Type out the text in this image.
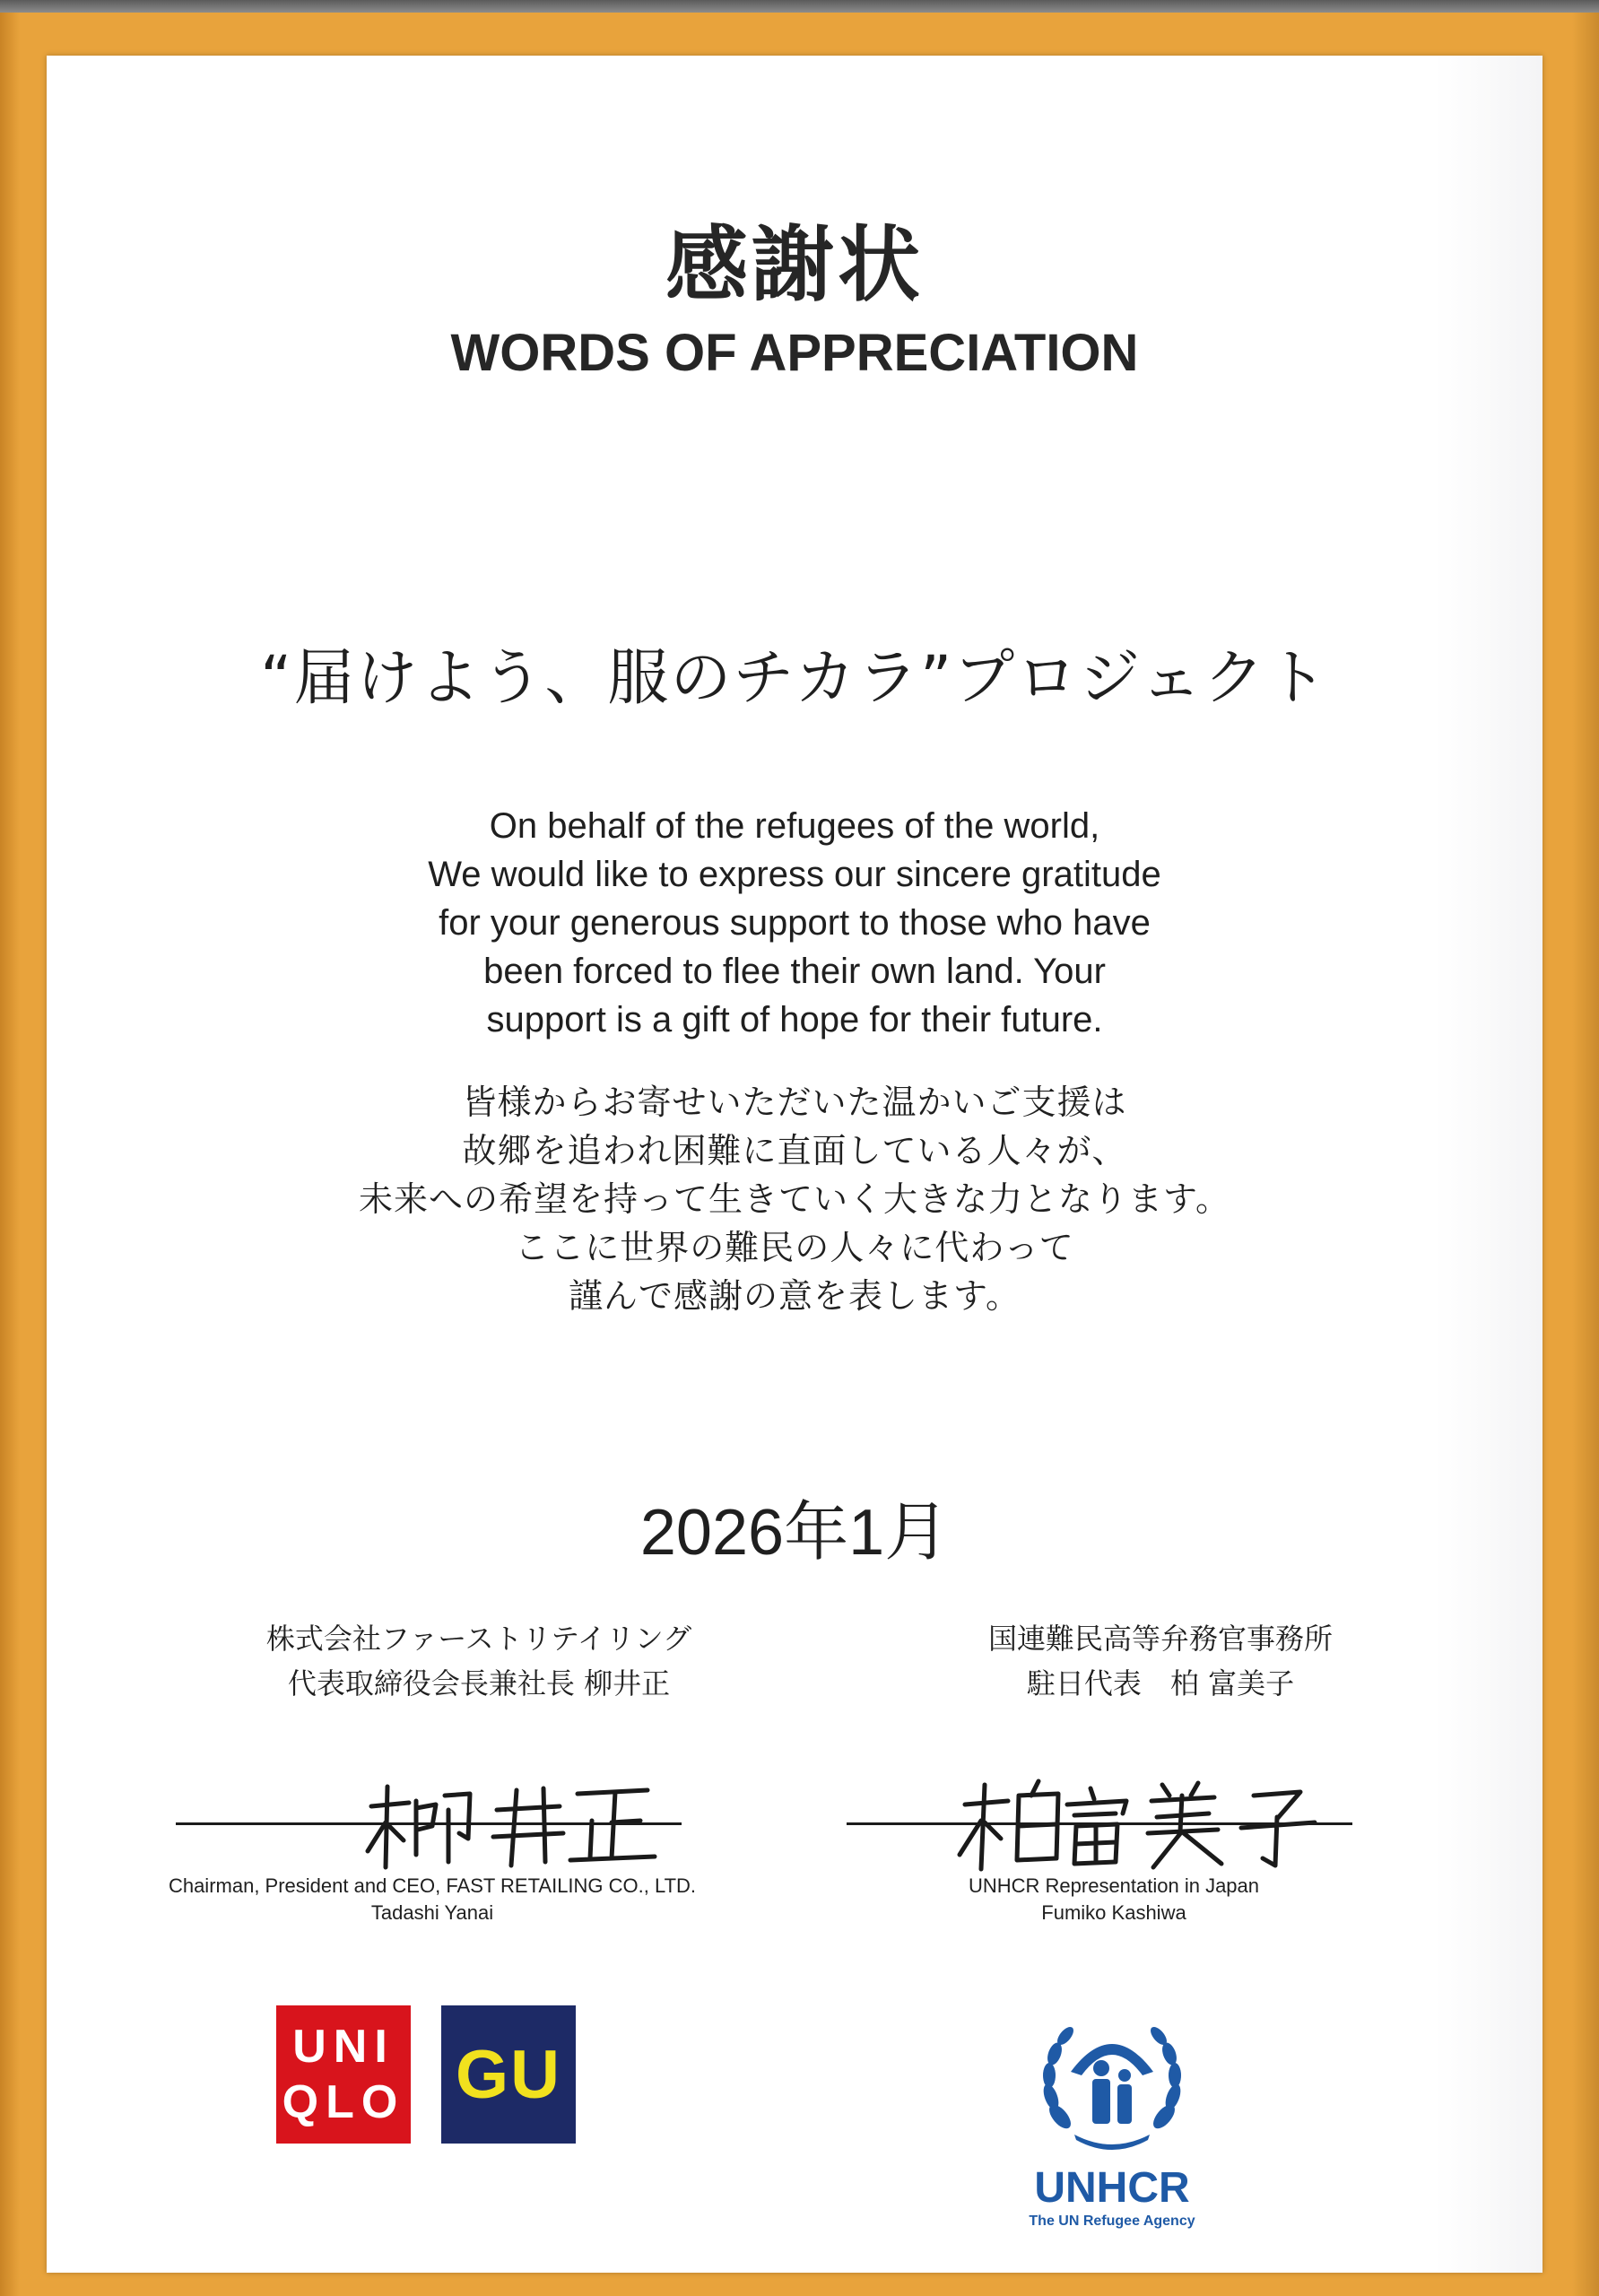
感謝状
WORDS OF APPRECIATION
“届けよう、服のチカラ”プロジェクト
On behalf of the refugees of the world,
We would like to express our sincere gratitude
for your generous support to those who have
been forced to flee their own land. Your
support is a gift of hope for their future.
皆様からお寄せいただいた温かいご支援は
故郷を追われ困難に直面している人々が、
未来への希望を持って生きていく大きな力となります。
ここに世界の難民の人々に代わって
謹んで感謝の意を表します。
2026年1月
株式会社ファーストリテイリング
代表取締役会長兼社長 柳井正
国連難民高等弁務官事務所
駐日代表　柏 富美子
Chairman, President and CEO, FAST RETAILING CO., LTD.
Tadashi Yanai
UNHCR Representation in Japan
Fumiko Kashiwa
UNI
QLO GU
UNHCR
The UN Refugee Agency
